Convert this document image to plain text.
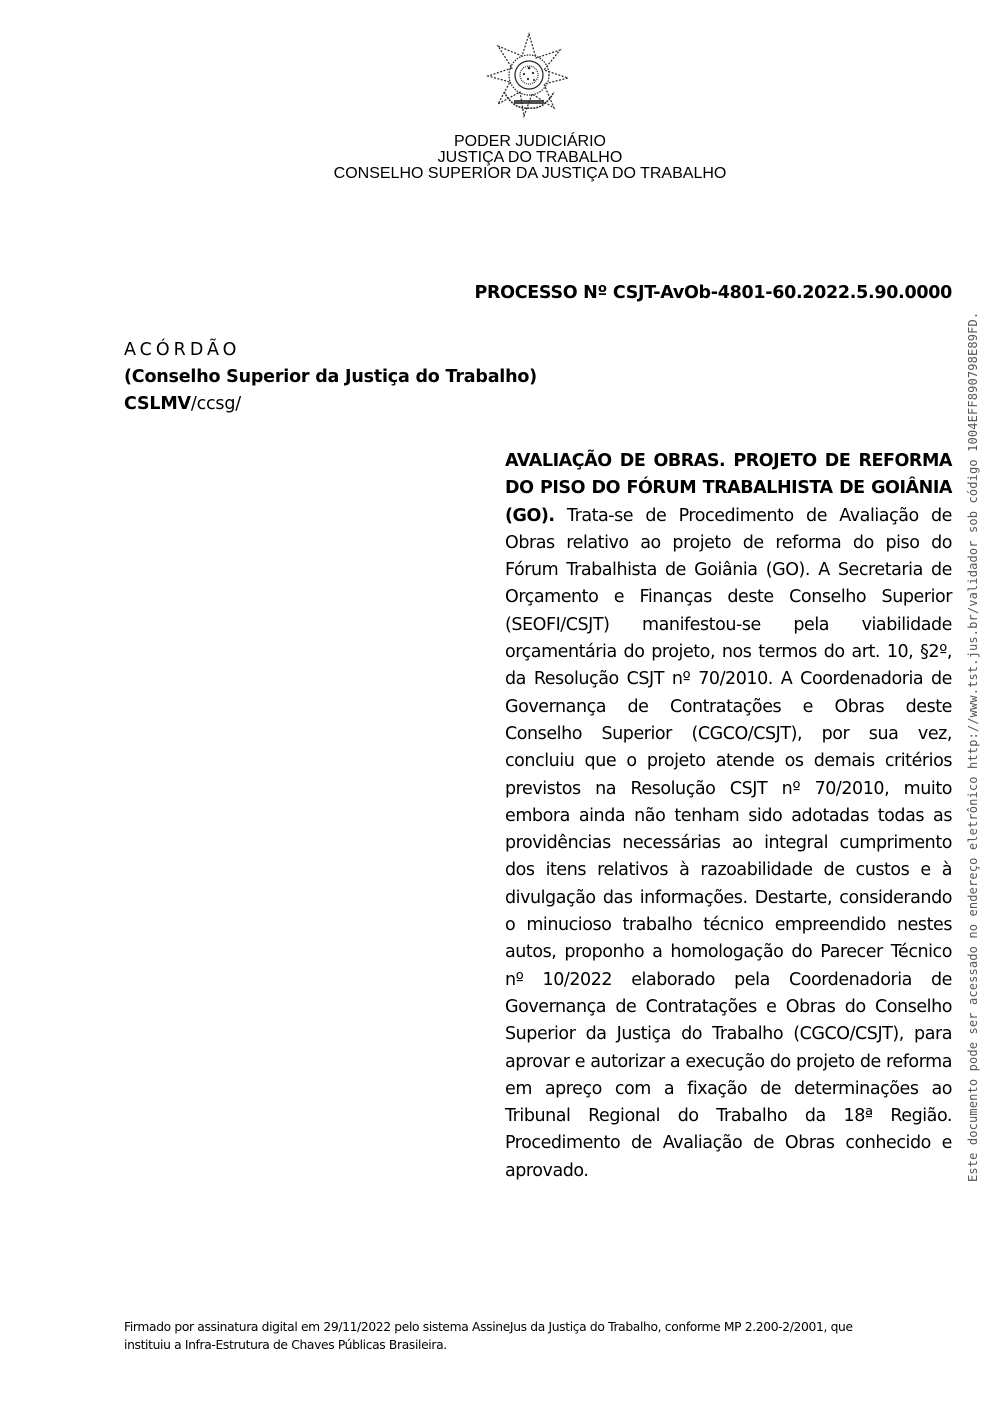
PODER JUDICIÁRIO
JUSTIÇA DO TRABALHO
CONSELHO SUPERIOR DA JUSTIÇA DO TRABALHO
PROCESSO Nº CSJT-AvOb-4801-60.2022.5.90.0000
ACÓRDÃO
(Conselho Superior da Justiça do Trabalho)
CSLMV/ccsg/
AVALIAÇÃO DE OBRAS. PROJETO DE REFORMA DO PISO DO FÓRUM TRABALHISTA DE GOIÂNIA (GO). Trata-se de Procedimento de Avaliação de Obras relativo ao projeto de reforma do piso do Fórum Trabalhista de Goiânia (GO). A Secretaria de Orçamento e Finanças deste Conselho Superior (SEOFI/CSJT) manifestou-se pela viabilidade orçamentária do projeto, nos termos do art. 10, §2º, da Resolução CSJT nº 70/2010. A Coordenadoria de Governança de Contratações e Obras deste Conselho Superior (CGCO/CSJT), por sua vez, concluiu que o projeto atende os demais critérios previstos na Resolução CSJT nº 70/2010, muito embora ainda não tenham sido adotadas todas as providências necessárias ao integral cumprimento dos itens relativos à razoabilidade de custos e à divulgação das informações. Destarte, considerando o minucioso trabalho técnico empreendido nestes autos, proponho a homologação do Parecer Técnico nº 10/2022 elaborado pela Coordenadoria de Governança de Contratações e Obras do Conselho Superior da Justiça do Trabalho (CGCO/CSJT), para aprovar e autorizar a execução do projeto de reforma em apreço com a fixação de determinações ao Tribunal Regional do Trabalho da 18ª Região. Procedimento de Avaliação de Obras conhecido e aprovado.
Firmado por assinatura digital em 29/11/2022 pelo sistema AssineJus da Justiça do Trabalho, conforme MP 2.200-2/2001, que
instituiu a Infra-Estrutura de Chaves Públicas Brasileira.
Este documento pode ser acessado no endereço eletrônico http://www.tst.jus.br/validador sob código 1004EFF890798E89FD.
